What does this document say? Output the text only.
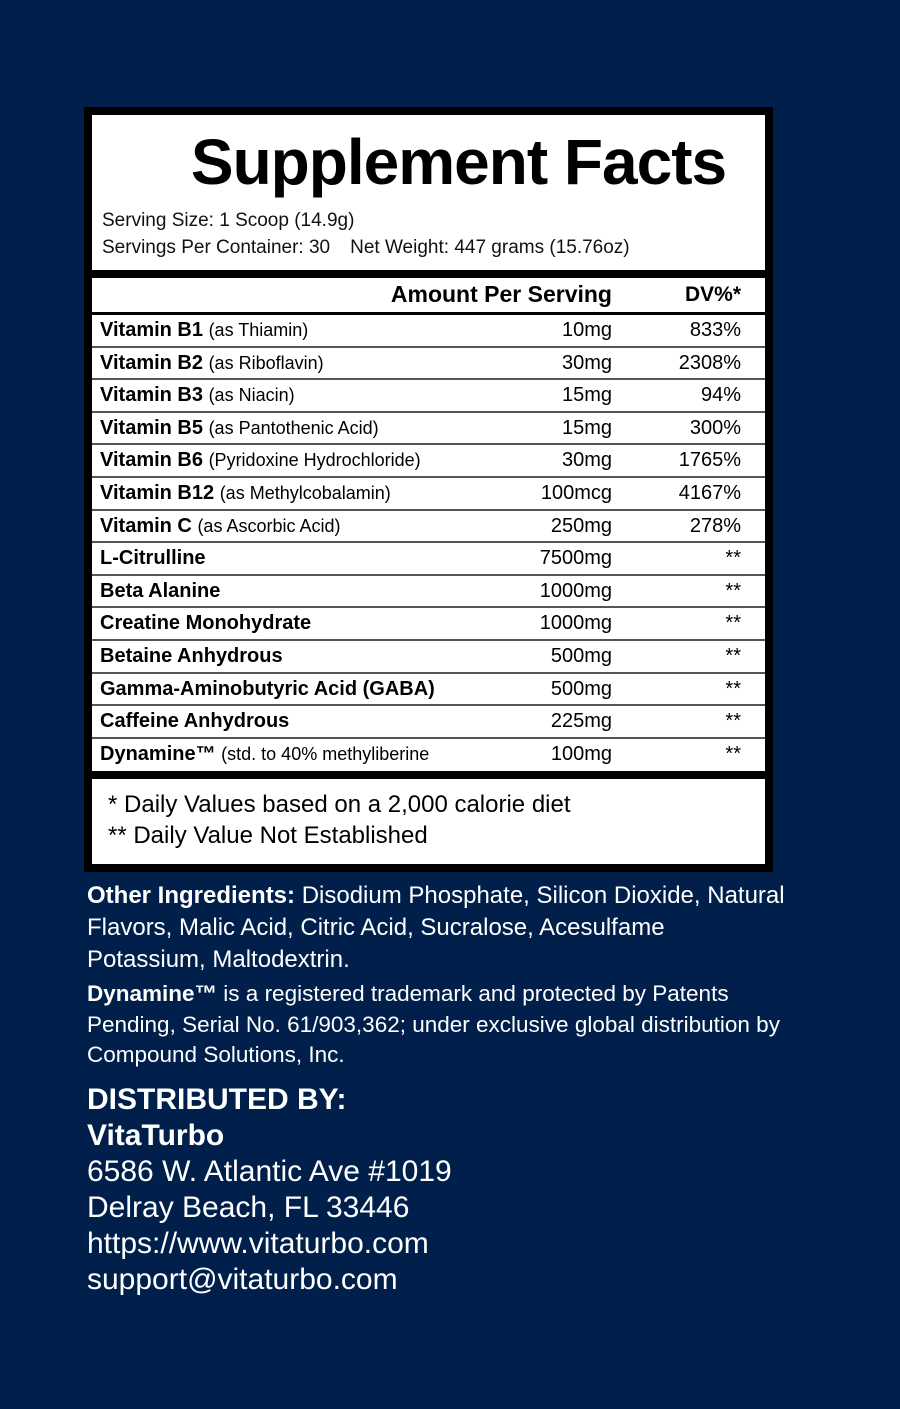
Supplement Facts
Serving Size: 1 Scoop (14.9g)
Servings Per Container: 30 Net Weight: 447 grams (15.76oz)
Amount Per Serving	DV%*
Vitamin B1 (as Thiamin)	10mg	833%
Vitamin B2 (as Riboflavin)	30mg	2308%
Vitamin B3 (as Niacin)	15mg	94%
Vitamin B5 (as Pantothenic Acid)	15mg	300%
Vitamin B6 (Pyridoxine Hydrochloride)	30mg	1765%
Vitamin B12 (as Methylcobalamin)	100mcg	4167%
Vitamin C (as Ascorbic Acid)	250mg	278%
L-Citrulline	7500mg	**
Beta Alanine	1000mg	**
Creatine Monohydrate	1000mg	**
Betaine Anhydrous	500mg	**
Gamma-Aminobutyric Acid (GABA)	500mg	**
Caffeine Anhydrous	225mg	**
Dynamine™ (std. to 40% methyliberine	100mg	**
* Daily Values based on a 2,000 calorie diet
** Daily Value Not Established
Other Ingredients: Disodium Phosphate, Silicon Dioxide, Natural Flavors, Malic Acid, Citric Acid, Sucralose, Acesulfame Potassium, Maltodextrin.
Dynamine™ is a registered trademark and protected by Patents Pending, Serial No. 61/903,362; under exclusive global distribution by Compound Solutions, Inc.
DISTRIBUTED BY:
VitaTurbo
6586 W. Atlantic Ave #1019
Delray Beach, FL 33446
https://www.vitaturbo.com
support@vitaturbo.com
